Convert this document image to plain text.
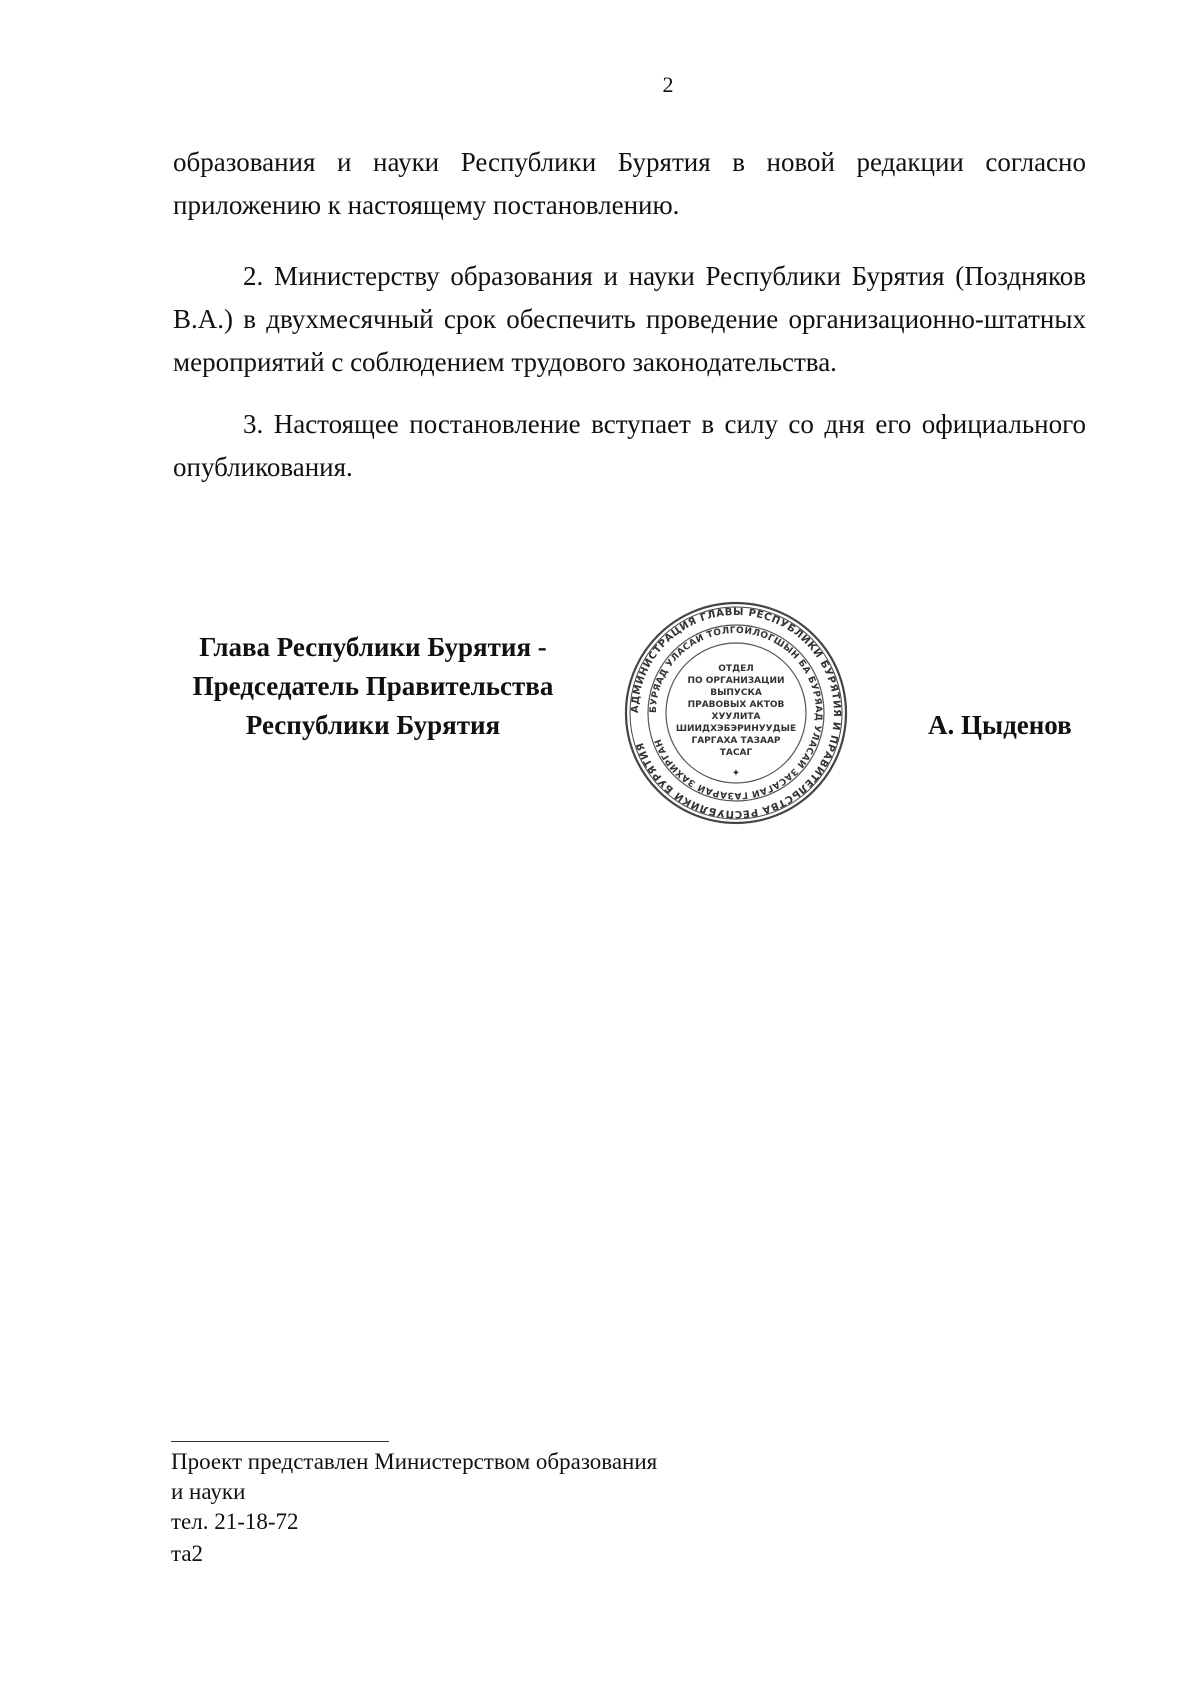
2

образования и науки Республики Бурятия в новой редакции согласно приложению к настоящему постановлению.

2. Министерству образования и науки Республики Бурятия (Поздняков В.А.) в двухмесячный срок обеспечить проведение организационно-штатных мероприятий с соблюдением трудового законодательства.

3. Настоящее постановление вступает в силу со дня его официального опубликования.

Глава Республики Бурятия -
Председатель Правительства
Республики Бурятия
АДМИНИСТРАЦИЯ ГЛАВЫ РЕСПУБЛИКИ БУРЯТИЯ И ПРАВИТЕЛЬСТВА РЕСПУБЛИКИ БУРЯТИЯ
БУРЯАД УЛАСАЙ ТОЛГОЙЛОГШЫН БА БУРЯАД УЛАСАЙ ЗАСАГАЙ ГАЗАРАЙ ЗАХИРГАН
ОТДЕЛ
ПО ОРГАНИЗАЦИИ
ВЫПУСКА
ПРАВОВЫХ АКТОВ
ХУУЛИТА
ШИИДХЭБЭРИНУУДЫЕ
ГАРГАХА ТАЗААР
ТАСАГ
✦
А. Цыденов
Проект представлен Министерством образования
и науки
тел. 21-18-72
та2
